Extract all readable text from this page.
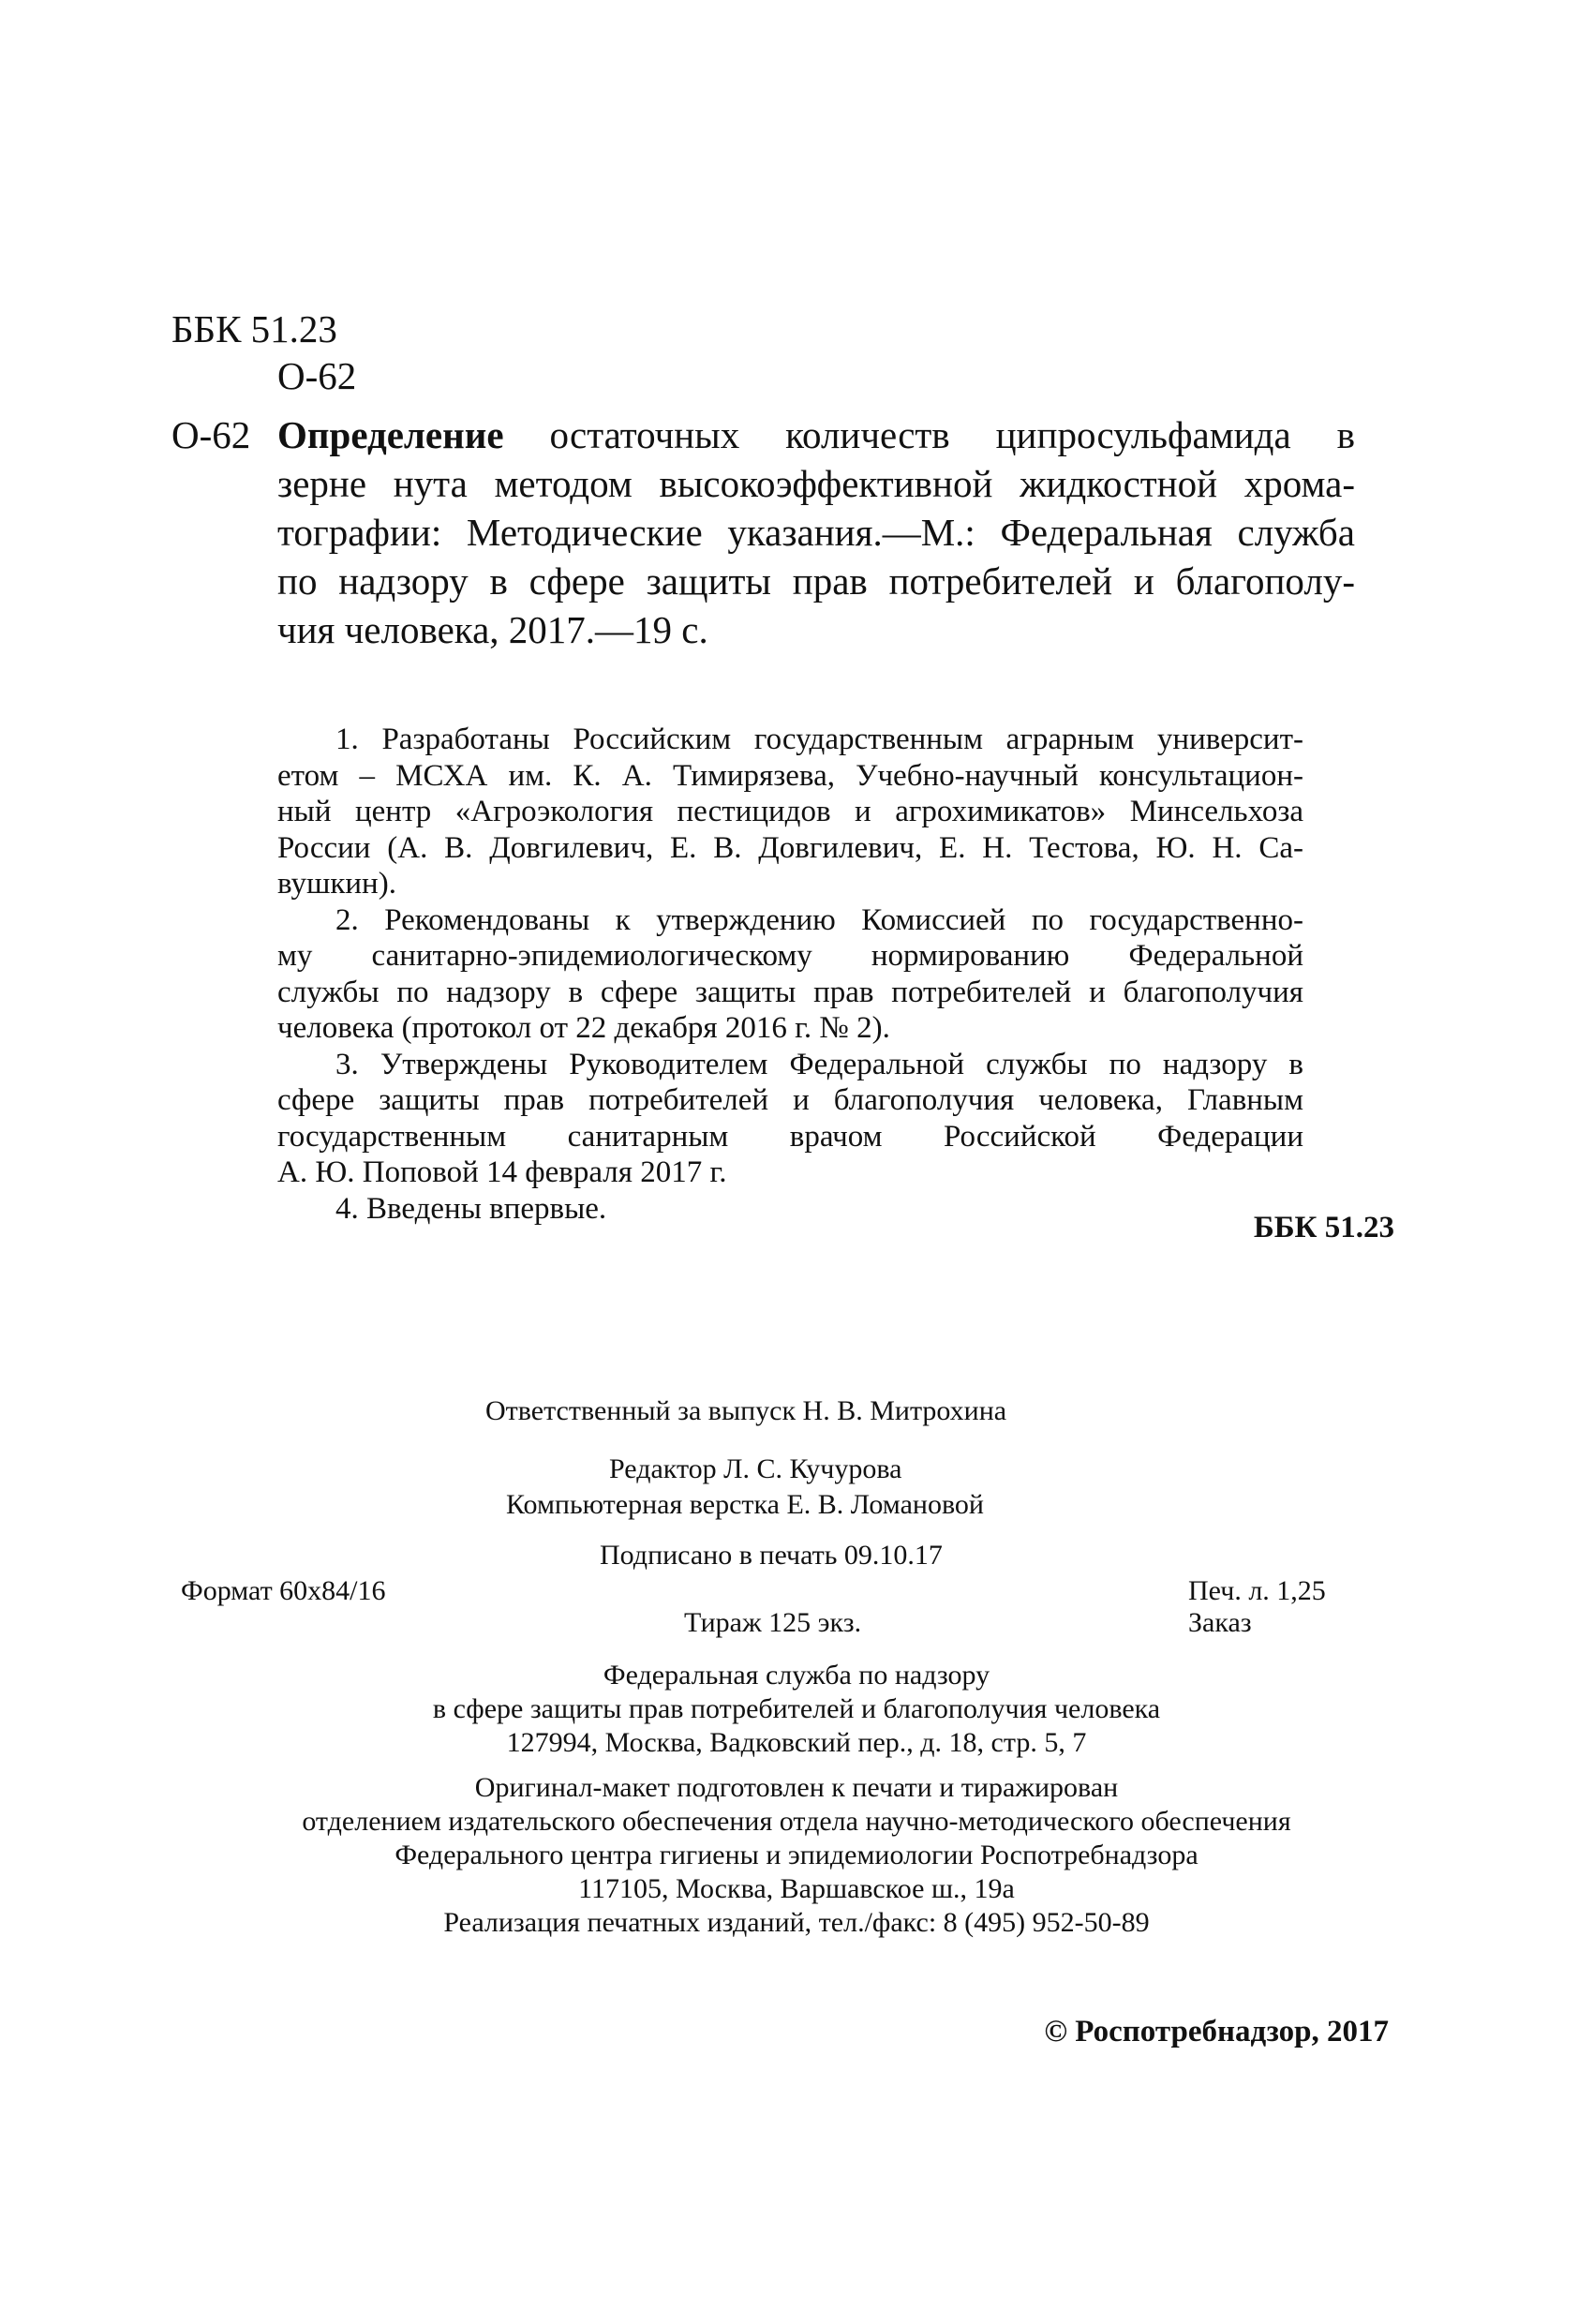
ББК 51.23
О-62
О-62 Определение остаточных количеств ципросульфамида в
зерне нута методом высокоэффективной жидкостной хрома-
тографии: Методические указания.—М.: Федеральная служба
по надзору в сфере защиты прав потребителей и благополу-
чия человека, 2017.—19 с.
1. Разработаны Российским государственным аграрным университ-
етом – МСХА им. К. А. Тимирязева, Учебно-научный консультацион-
ный центр «Агроэкология пестицидов и агрохимикатов» Минсельхоза
России (А. В. Довгилевич, Е. В. Довгилевич, Е. Н. Тестова, Ю. Н. Са-
вушкин).
2. Рекомендованы к утверждению Комиссией по государственно-
му санитарно-эпидемиологическому нормированию Федеральной
службы по надзору в сфере защиты прав потребителей и благополучия
человека (протокол от 22 декабря 2016 г. № 2).
3. Утверждены Руководителем Федеральной службы по надзору в
сфере защиты прав потребителей и благополучия человека, Главным
государственным санитарным врачом Российской Федерации
А. Ю. Поповой 14 февраля 2017 г.
4. Введены впервые.
ББК 51.23
Ответственный за выпуск Н. В. Митрохина
Редактор Л. С. Кучурова
Компьютерная верстка Е. В. Ломановой
Подписано в печать 09.10.17
Формат 60х84/16	Печ. л. 1,25
Тираж 125 экз.	Заказ
Федеральная служба по надзору
в сфере защиты прав потребителей и благополучия человека
127994, Москва, Вадковский пер., д. 18, стр. 5, 7
Оригинал-макет подготовлен к печати и тиражирован
отделением издательского обеспечения отдела научно-методического обеспечения
Федерального центра гигиены и эпидемиологии Роспотребнадзора
117105, Москва, Варшавское ш., 19а
Реализация печатных изданий, тел./факс: 8 (495) 952-50-89
© Роспотребнадзор, 2017
